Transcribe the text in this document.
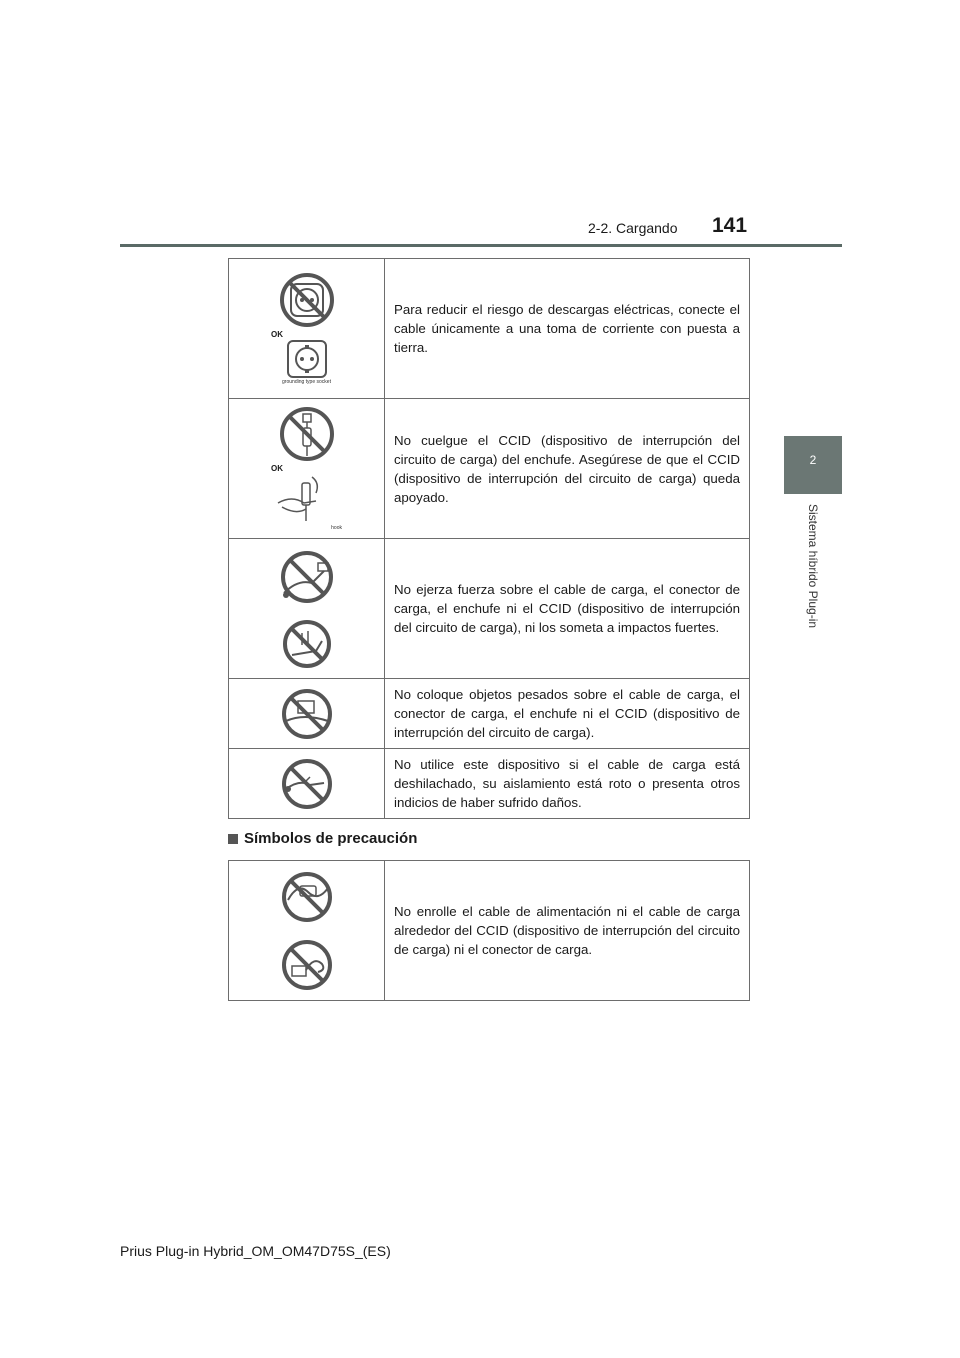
2-2. Cargando 141
2
Sistema híbrido Plug-in
OK
grounding type socket	Para reducir el riesgo de descargas eléctricas, conecte el cable únicamente a una toma de corriente con puesta a tierra.

OK
hook	No cuelgue el CCID (dispositivo de interrupción del circuito de carga) del enchufe. Asegúrese de que el CCID (dispositivo de interrupción del circuito de carga) queda apoyado.

	No ejerza fuerza sobre el cable de carga, el conector de carga, el enchufe ni el CCID (dispositivo de interrupción del circuito de carga), ni los someta a impactos fuertes.

	No coloque objetos pesados sobre el cable de carga, el conector de carga, el enchufe ni el CCID (dispositivo de interrupción del circuito de carga).

	No utilice este dispositivo si el cable de carga está deshilachado, su aislamiento está roto o presenta otros indicios de haber sufrido daños.
Símbolos de precaución
	No enrolle el cable de alimentación ni el cable de carga alrededor del CCID (dispositivo de interrupción del circuito de carga) ni el conector de carga.
Prius Plug-in Hybrid_OM_OM47D75S_(ES)
